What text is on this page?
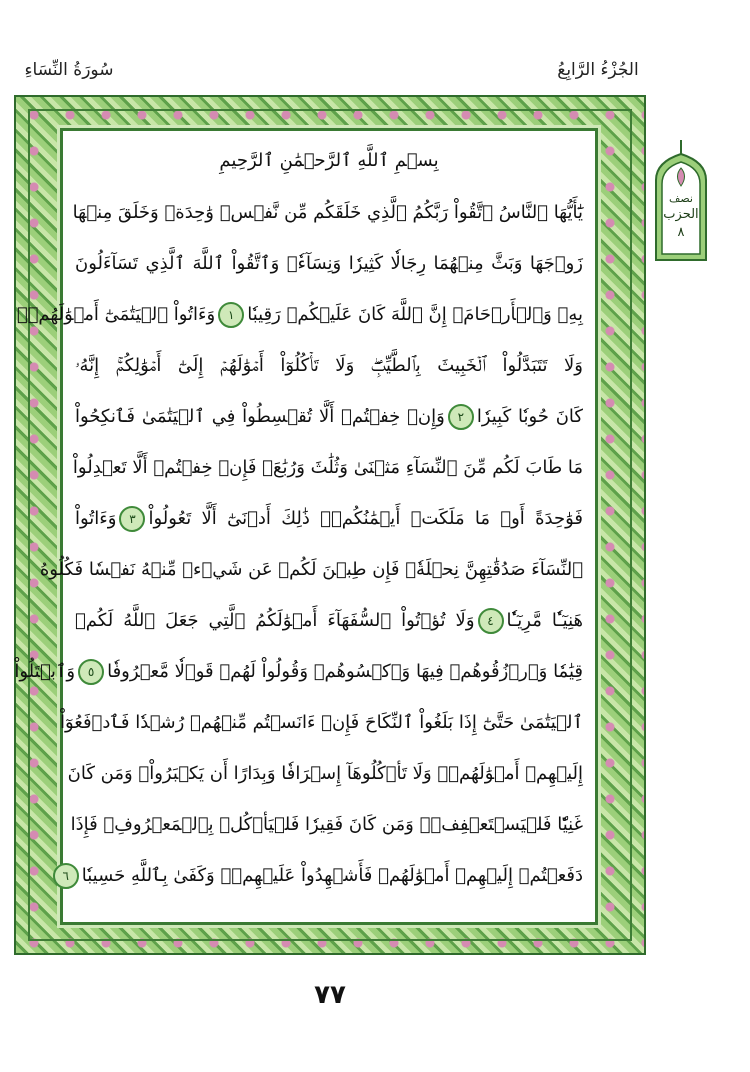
الجُزْءُ الرَّابِعُ
سُورَةُ النِّسَاءِ
بِسۡمِ ٱللَّهِ ٱلرَّحۡمَٰنِ ٱلرَّحِيمِ
يَٰٓأَيُّهَا ٱلنَّاسُ ٱتَّقُواْ رَبَّكُمُ ٱلَّذِي خَلَقَكُم مِّن نَّفۡسٖ وَٰحِدَةٖ وَخَلَقَ مِنۡهَا
زَوۡجَهَا وَبَثَّ مِنۡهُمَا رِجَالٗا كَثِيرٗا وَنِسَآءٗۚ وَٱتَّقُواْ ٱللَّهَ ٱلَّذِي تَسَآءَلُونَ
بِهِۦ وَٱلۡأَرۡحَامَۚ إِنَّ ٱللَّهَ كَانَ عَلَيۡكُمۡ رَقِيبٗا١وَءَاتُواْ ٱلۡيَتَٰمَىٰٓ أَمۡوَٰلَهُمۡۖ
وَلَا تَتَبَدَّلُواْ ٱلۡخَبِيثَ بِٱلطَّيِّبِۖ وَلَا تَأۡكُلُوٓاْ أَمۡوَٰلَهُمۡ إِلَىٰٓ أَمۡوَٰلِكُمۡۚ إِنَّهُۥ
كَانَ حُوبٗا كَبِيرٗا٢وَإِنۡ خِفۡتُمۡ أَلَّا تُقۡسِطُواْ فِي ٱلۡيَتَٰمَىٰ فَٱنكِحُواْ
مَا طَابَ لَكُم مِّنَ ٱلنِّسَآءِ مَثۡنَىٰ وَثُلَٰثَ وَرُبَٰعَۖ فَإِنۡ خِفۡتُمۡ أَلَّا تَعۡدِلُواْ
فَوَٰحِدَةً أَوۡ مَا مَلَكَتۡ أَيۡمَٰنُكُمۡۚ ذَٰلِكَ أَدۡنَىٰٓ أَلَّا تَعُولُواْ٣وَءَاتُواْ
ٱلنِّسَآءَ صَدُقَٰتِهِنَّ نِحۡلَةٗۚ فَإِن طِبۡنَ لَكُمۡ عَن شَيۡءٖ مِّنۡهُ نَفۡسٗا فَكُلُوهُ
هَنِيٓـٔٗا مَّرِيٓـٔٗا٤وَلَا تُؤۡتُواْ ٱلسُّفَهَآءَ أَمۡوَٰلَكُمُ ٱلَّتِي جَعَلَ ٱللَّهُ لَكُمۡ
قِيَٰمٗا وَٱرۡزُقُوهُمۡ فِيهَا وَٱكۡسُوهُمۡ وَقُولُواْ لَهُمۡ قَوۡلٗا مَّعۡرُوفٗا٥وَٱبۡتَلُواْ
ٱلۡيَتَٰمَىٰ حَتَّىٰٓ إِذَا بَلَغُواْ ٱلنِّكَاحَ فَإِنۡ ءَانَسۡتُم مِّنۡهُمۡ رُشۡدٗا فَٱدۡفَعُوٓاْ
إِلَيۡهِمۡ أَمۡوَٰلَهُمۡۖ وَلَا تَأۡكُلُوهَآ إِسۡرَافٗا وَبِدَارًا أَن يَكۡبَرُواْۚ وَمَن كَانَ
غَنِيّٗا فَلۡيَسۡتَعۡفِفۡۖ وَمَن كَانَ فَقِيرٗا فَلۡيَأۡكُلۡ بِٱلۡمَعۡرُوفِۚ فَإِذَا
دَفَعۡتُمۡ إِلَيۡهِمۡ أَمۡوَٰلَهُمۡ فَأَشۡهِدُواْ عَلَيۡهِمۡۚ وَكَفَىٰ بِٱللَّهِ حَسِيبٗا٦
نصف
الحزب
٨
٧٧
